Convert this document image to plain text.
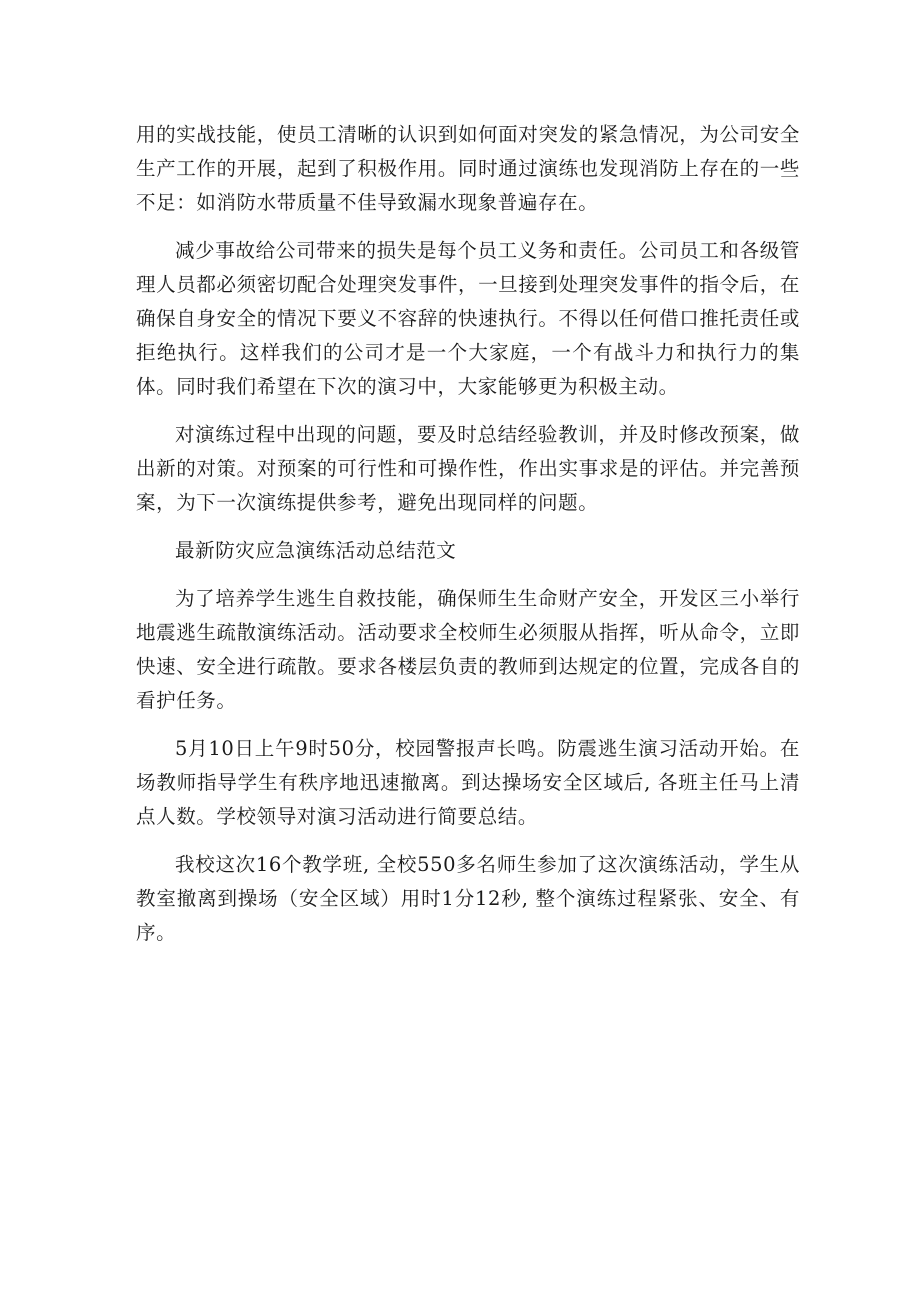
用的实战技能，使员工清晰的认识到如何面对突发的紧急情况，为公司安全生产工作的开展，起到了积极作用。同时通过演练也发现消防上存在的一些不足：如消防水带质量不佳导致漏水现象普遍存在。

减少事故给公司带来的损失是每个员工义务和责任。公司员工和各级管理人员都必须密切配合处理突发事件，一旦接到处理突发事件的指令后，在确保自身安全的情况下要义不容辞的快速执行。不得以任何借口推托责任或拒绝执行。这样我们的公司才是一个大家庭，一个有战斗力和执行力的集体。同时我们希望在下次的演习中，大家能够更为积极主动。

对演练过程中出现的问题，要及时总结经验教训，并及时修改预案，做出新的对策。对预案的可行性和可操作性，作出实事求是的评估。并完善预案，为下一次演练提供参考，避免出现同样的问题。

最新防灾应急演练活动总结范文

为了培养学生逃生自救技能，确保师生生命财产安全，开发区三小举行地震逃生疏散演练活动。活动要求全校师生必须服从指挥，听从命令，立即快速、安全进行疏散。要求各楼层负责的教师到达规定的位置，完成各自的看护任务。

5月10日上午9时50分，校园警报声长鸣。防震逃生演习活动开始。在场教师指导学生有秩序地迅速撤离。到达操场安全区域后, 各班主任马上清点人数。学校领导对演习活动进行简要总结。

我校这次16个教学班, 全校550多名师生参加了这次演练活动，学生从教室撤离到操场（安全区域）用时1分12秒, 整个演练过程紧张、安全、有序。
